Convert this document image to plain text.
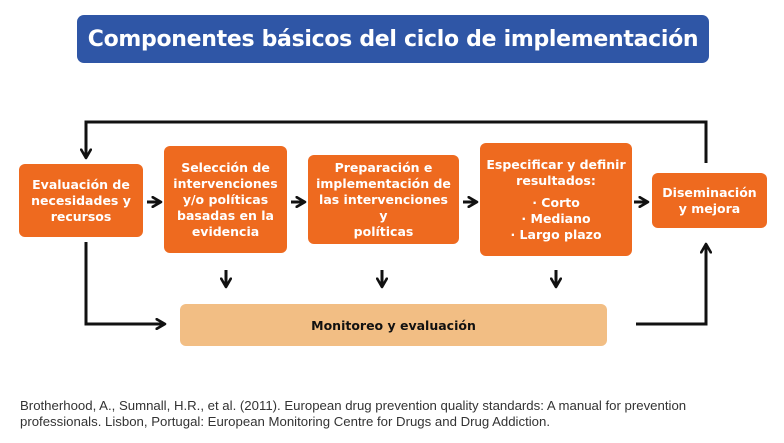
Componentes básicos del ciclo de implementación
Evaluación de
necesidades y
recursos
Selección de
intervenciones
y/o políticas
basadas en la
evidencia
Preparación e
implementación de
las intervenciones y
políticas
Especificar y definir
resultados:
· Corto
· Mediano
· Largo plazo
Diseminación
y mejora
Monitoreo y evaluación
Brotherhood, A., Sumnall, H.R., et al. (2011). European drug prevention quality standards: A manual for prevention
professionals. Lisbon, Portugal: European Monitoring Centre for Drugs and Drug Addiction.
